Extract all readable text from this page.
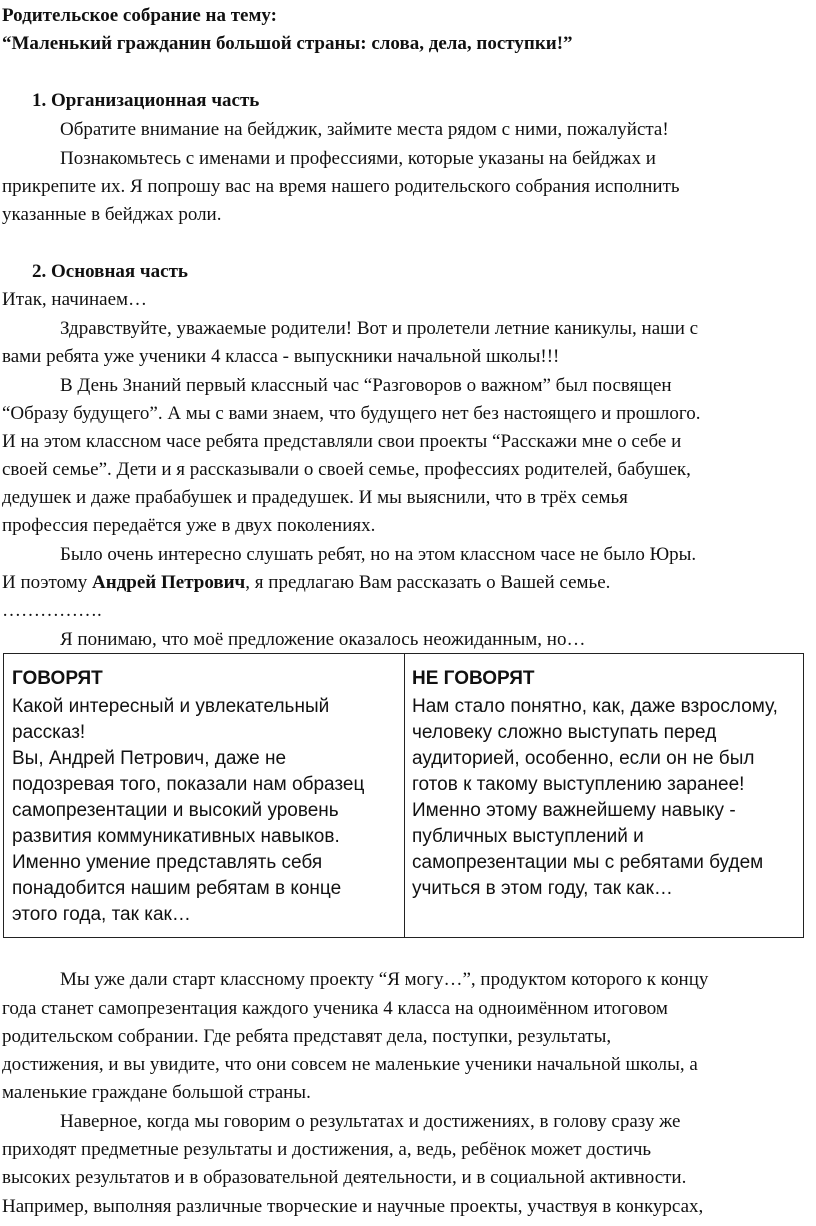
Родительское собрание на тему:
“Маленький гражданин большой страны: слова, дела, поступки!”
1. Организационная часть
Обратите внимание на бейджик, займите места рядом с ними, пожалуйста!
Познакомьтесь с именами и профессиями, которые указаны на бейджах и
прикрепите их. Я попрошу вас на время нашего родительского собрания исполнить
указанные в бейджах роли.
2. Основная часть
Итак, начинаем…
Здравствуйте, уважаемые родители! Вот и пролетели летние каникулы, наши с
вами ребята уже ученики 4 класса - выпускники начальной школы!!!
В День Знаний первый классный час “Разговоров о важном” был посвящен
“Образу будущего”. А мы с вами знаем, что будущего нет без настоящего и прошлого.
И на этом классном часе ребята представляли свои проекты “Расскажи мне о себе и
своей семье”. Дети и я рассказывали о своей семье, профессиях родителей, бабушек,
дедушек и даже прабабушек и прадедушек. И мы выяснили, что в трёх семья
профессия передаётся уже в двух поколениях.
Было очень интересно слушать ребят, но на этом классном часе не было Юры.
И поэтому Андрей Петрович, я предлагаю Вам рассказать о Вашей семье.
…………….
Я понимаю, что моё предложение оказалось неожиданным, но…
ГОВОРЯТ
Какой интересный и увлекательный
рассказ!
Вы, Андрей Петрович, даже не
подозревая того, показали нам образец
самопрезентации и высокий уровень
развития коммуникативных навыков.
Именно умение представлять себя
понадобится нашим ребятам в конце
этого года, так как…
НЕ ГОВОРЯТ
Нам стало понятно, как, даже взрослому,
человеку сложно выступать перед
аудиторией, особенно, если он не был
готов к такому выступлению заранее!
Именно этому важнейшему навыку -
публичных выступлений и
самопрезентации мы с ребятами будем
учиться в этом году, так как…
Мы уже дали старт классному проекту “Я могу…”, продуктом которого к концу
года станет самопрезентация каждого ученика 4 класса на одноимённом итоговом
родительском собрании. Где ребята представят дела, поступки, результаты,
достижения, и вы увидите, что они совсем не маленькие ученики начальной школы, а
маленькие граждане большой страны.
Наверное, когда мы говорим о результатах и достижениях, в голову сразу же
приходят предметные результаты и достижения, а, ведь, ребёнок может достичь
высоких результатов и в образовательной деятельности, и в социальной активности.
Например, выполняя различные творческие и научные проекты, участвуя в конкурсах,
